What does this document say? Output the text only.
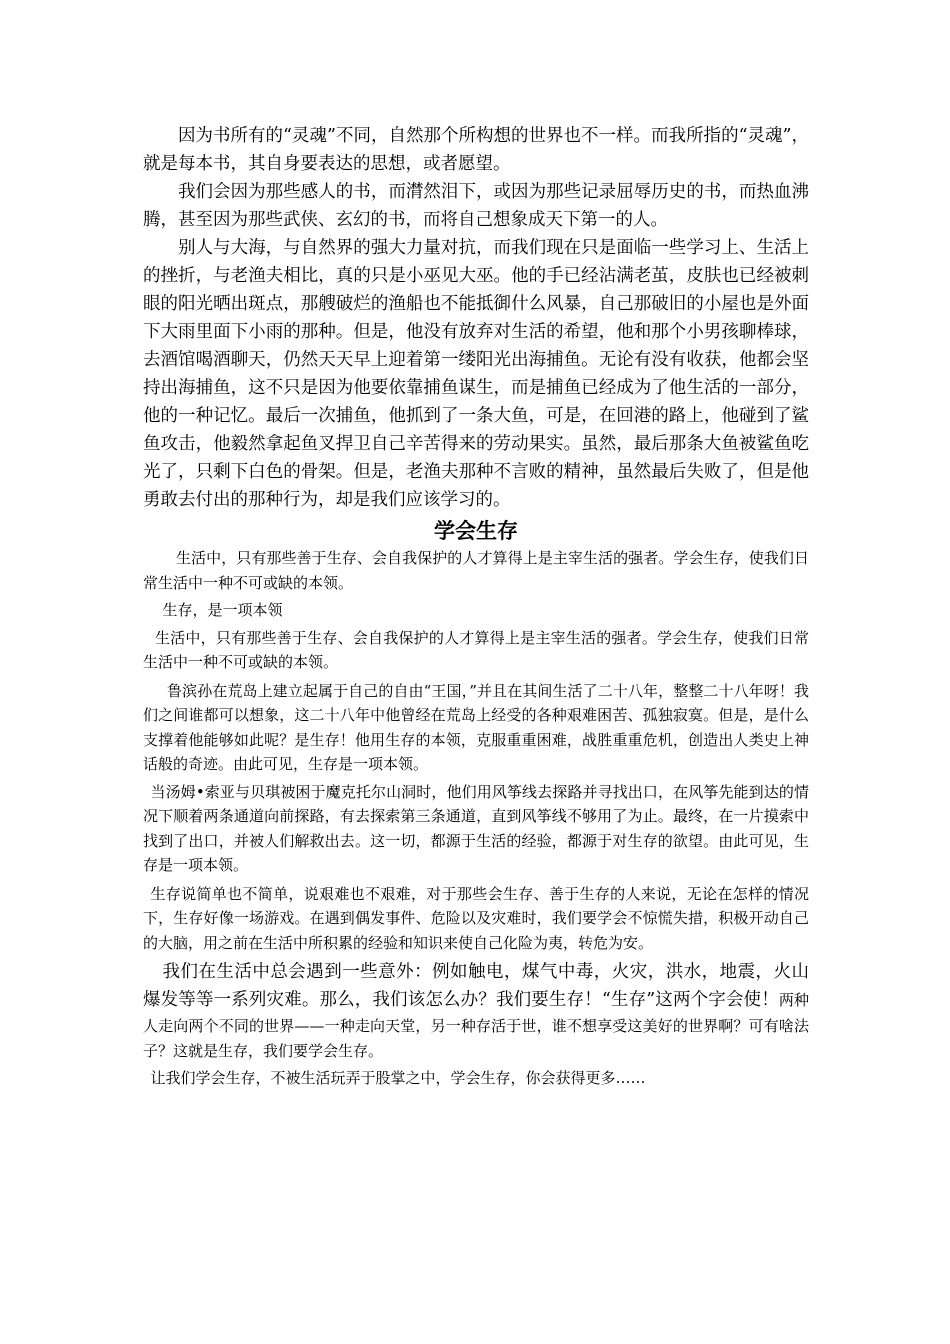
因为书所有的“灵魂”不同，自然那个所构想的世界也不一样。而我所指的“灵魂”，就是每本书，其自身要表达的思想，或者愿望。

我们会因为那些感人的书，而潸然泪下，或因为那些记录屈辱历史的书，而热血沸腾，甚至因为那些武侠、玄幻的书，而将自己想象成天下第一的人。

别人与大海，与自然界的强大力量对抗，而我们现在只是面临一些学习上、生活上的挫折，与老渔夫相比，真的只是小巫见大巫。他的手已经沾满老茧，皮肤也已经被刺眼的阳光晒出斑点，那艘破烂的渔船也不能抵御什么风暴，自己那破旧的小屋也是外面下大雨里面下小雨的那种。但是，他没有放弃对生活的希望，他和那个小男孩聊棒球，去酒馆喝酒聊天，仍然天天早上迎着第一缕阳光出海捕鱼。无论有没有收获，他都会坚持出海捕鱼，这不只是因为他要依靠捕鱼谋生，而是捕鱼已经成为了他生活的一部分，他的一种记忆。最后一次捕鱼，他抓到了一条大鱼，可是，在回港的路上，他碰到了鲨鱼攻击，他毅然拿起鱼叉捍卫自己辛苦得来的劳动果实。虽然，最后那条大鱼被鲨鱼吃光了，只剩下白色的骨架。但是，老渔夫那种不言败的精神，虽然最后失败了，但是他勇敢去付出的那种行为，却是我们应该学习的。

学会生存

生活中，只有那些善于生存、会自我保护的人才算得上是主宰生活的强者。学会生存，使我们日常生活中一种不可或缺的本领。

生存，是一项本领

生活中，只有那些善于生存、会自我保护的人才算得上是主宰生活的强者。学会生存，使我们日常生活中一种不可或缺的本领。

鲁滨孙在荒岛上建立起属于自己的自由“王国，”并且在其间生活了二十八年，整整二十八年呀！我们之间谁都可以想象，这二十八年中他曾经在荒岛上经受的各种艰难困苦、孤独寂寞。但是，是什么支撑着他能够如此呢？是生存！他用生存的本领，克服重重困难，战胜重重危机，创造出人类史上神话般的奇迹。由此可见，生存是一项本领。

当汤姆•索亚与贝琪被困于魔克托尔山洞时，他们用风筝线去探路并寻找出口，在风筝先能到达的情况下顺着两条通道向前探路，有去探索第三条通道，直到风筝线不够用了为止。最终，在一片摸索中找到了出口，并被人们解救出去。这一切，都源于生活的经验，都源于对生存的欲望。由此可见，生存是一项本领。

生存说简单也不简单，说艰难也不艰难，对于那些会生存、善于生存的人来说，无论在怎样的情况下，生存好像一场游戏。在遇到偶发事件、危险以及灾难时，我们要学会不惊慌失措，积极开动自己的大脑，用之前在生活中所积累的经验和知识来使自己化险为夷，转危为安。

我们在生活中总会遇到一些意外：例如触电，煤气中毒，火灾，洪水，地震，火山爆发等等一系列灾难。那么，我们该怎么办？我们要生存！“生存”这两个字会使！两种人走向两个不同的世界——一种走向天堂，另一种存活于世，谁不想享受这美好的世界啊？可有啥法子？这就是生存，我们要学会生存。

让我们学会生存，不被生活玩弄于股掌之中，学会生存，你会获得更多……
